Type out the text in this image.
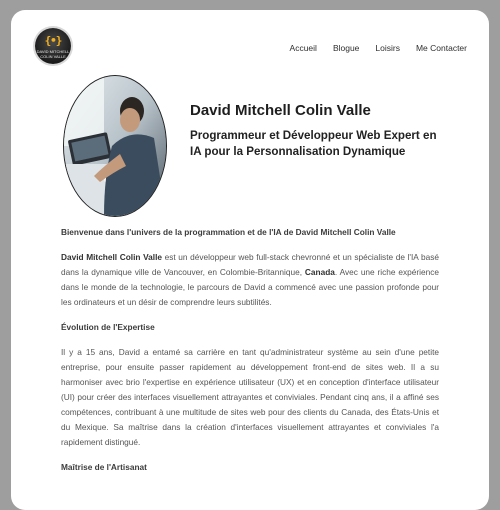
{•}
DAVID MITCHELL COLIN VALLE
Accueil Blogue Loisirs Me Contacter
David Mitchell Colin Valle
Programmeur et Développeur Web Expert en IA pour la Personnalisation Dynamique
Bienvenue dans l'univers de la programmation et de l'IA de David Mitchell Colin Valle

David Mitchell Colin Valle est un développeur web full-stack chevronné et un spécialiste de l'IA basé dans la dynamique ville de Vancouver, en Colombie-Britannique, Canada. Avec une riche expérience dans le monde de la technologie, le parcours de David a commencé avec une passion profonde pour les ordinateurs et un désir de comprendre leurs subtilités.

Évolution de l'Expertise

Il y a 15 ans, David a entamé sa carrière en tant qu'administrateur système au sein d'une petite entreprise, pour ensuite passer rapidement au développement front-end de sites web. Il a su harmoniser avec brio l'expertise en expérience utilisateur (UX) et en conception d'interface utilisateur (UI) pour créer des interfaces visuellement attrayantes et conviviales. Pendant cinq ans, il a affiné ses compétences, contribuant à une multitude de sites web pour des clients du Canada, des États-Unis et du Mexique. Sa maîtrise dans la création d'interfaces visuellement attrayantes et conviviales l'a rapidement distingué.

Maîtrise de l'Artisanat
